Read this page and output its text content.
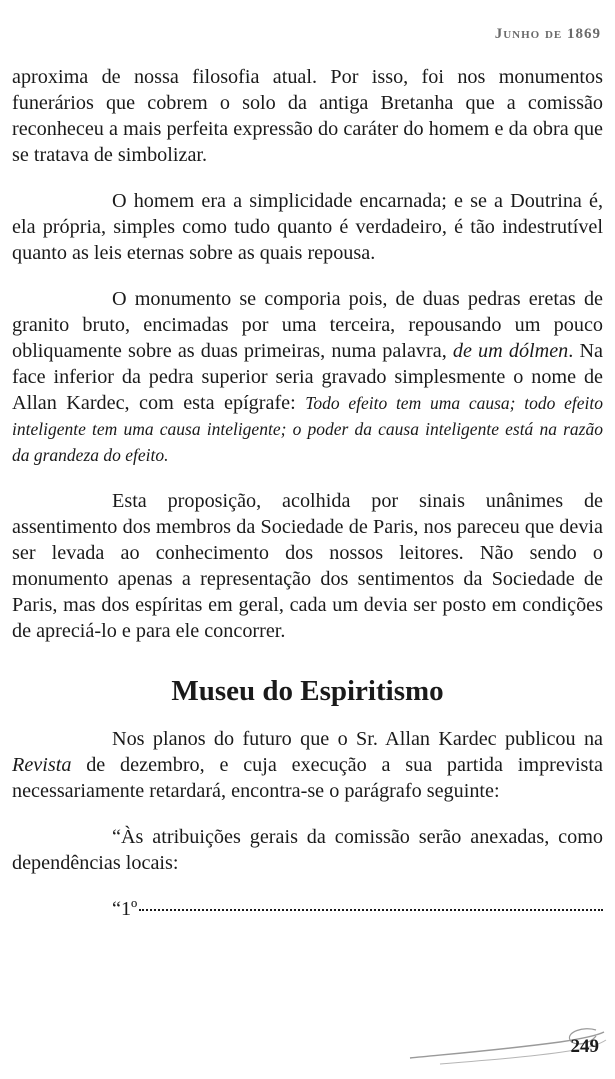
Junho de 1869

aproxima de nossa filosofia atual. Por isso, foi nos monumentos funerários que cobrem o solo da antiga Bretanha que a comissão reconheceu a mais perfeita expressão do caráter do homem e da obra que se tratava de simbolizar.

O homem era a simplicidade encarnada; e se a Doutrina é, ela própria, simples como tudo quanto é verdadeiro, é tão indestrutível quanto as leis eternas sobre as quais repousa.

O monumento se comporia pois, de duas pedras eretas de granito bruto, encimadas por uma terceira, repousando um pouco obliquamente sobre as duas primeiras, numa palavra, de um dólmen. Na face inferior da pedra superior seria gravado simplesmente o nome de Allan Kardec, com esta epígrafe: Todo efeito tem uma causa; todo efeito inteligente tem uma causa inteligente; o poder da causa inteligente está na razão da grandeza do efeito.

Esta proposição, acolhida por sinais unânimes de assentimento dos membros da Sociedade de Paris, nos pareceu que devia ser levada ao conhecimento dos nossos leitores. Não sendo o monumento apenas a representação dos sentimentos da Sociedade de Paris, mas dos espíritas em geral, cada um devia ser posto em condições de apreciá-lo e para ele concorrer.

Museu do Espiritismo

Nos planos do futuro que o Sr. Allan Kardec publicou na Revista de dezembro, e cuja execução a sua partida imprevista necessariamente retardará, encontra-se o parágrafo seguinte:

“Às atribuições gerais da comissão serão anexadas, como dependências locais:

“1º
249
